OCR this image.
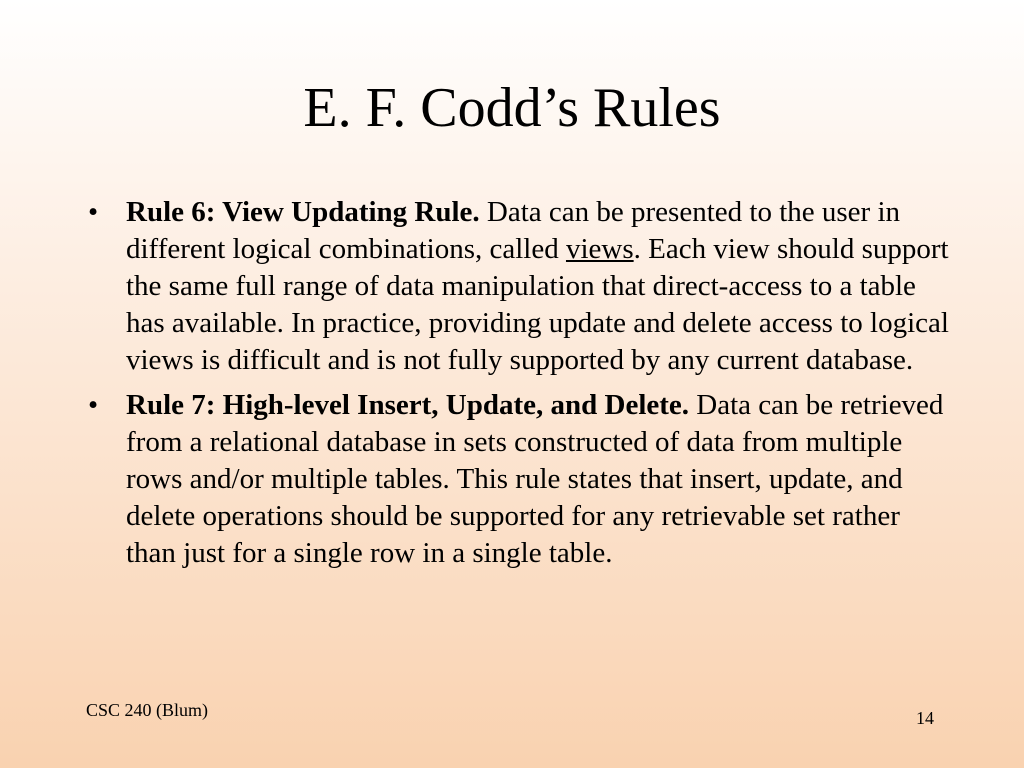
E. F. Codd’s Rules
• Rule 6: View Updating Rule. Data can be presented to the user in different logical combinations, called views. Each view should support the same full range of data manipulation that direct-access to a table has available. In practice, providing update and delete access to logical views is difficult and is not fully supported by any current database.
• Rule 7: High-level Insert, Update, and Delete. Data can be retrieved from a relational database in sets constructed of data from multiple rows and/or multiple tables. This rule states that insert, update, and delete operations should be supported for any retrievable set rather than just for a single row in a single table.
CSC 240 (Blum)	14
